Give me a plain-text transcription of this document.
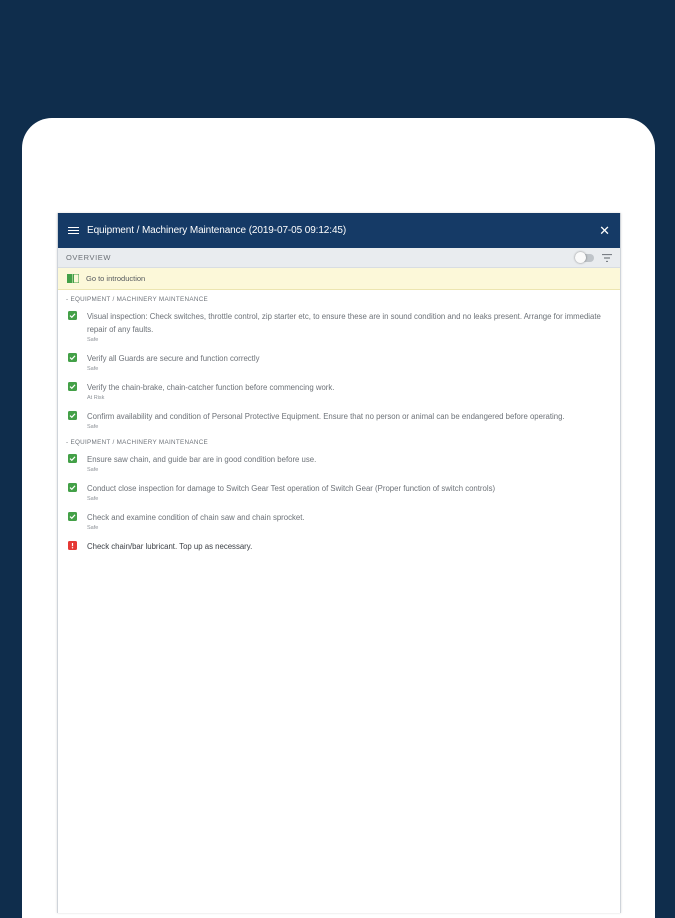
Equipment / Machinery Maintenance (2019-07-05 09:12:45)	✕
OVERVIEW
Go to introduction
- EQUIPMENT / MACHINERY MAINTENANCE
Visual inspection: Check switches, throttle control, zip starter etc, to ensure these are in sound condition and no leaks present. Arrange for immediate repair of any faults.
Safe
Verify all Guards are secure and function correctly
Safe
Verify the chain-brake, chain-catcher function before commencing work.
At Risk
Confirm availability and condition of Personal Protective Equipment. Ensure that no person or animal can be endangered before operating.
Safe
- EQUIPMENT / MACHINERY MAINTENANCE
Ensure saw chain, and guide bar are in good condition before use.
Safe
Conduct close inspection for damage to Switch Gear Test operation of Switch Gear (Proper function of switch controls)
Safe
Check and examine condition of chain saw and chain sprocket.
Safe
Check chain/bar lubricant. Top up as necessary.
